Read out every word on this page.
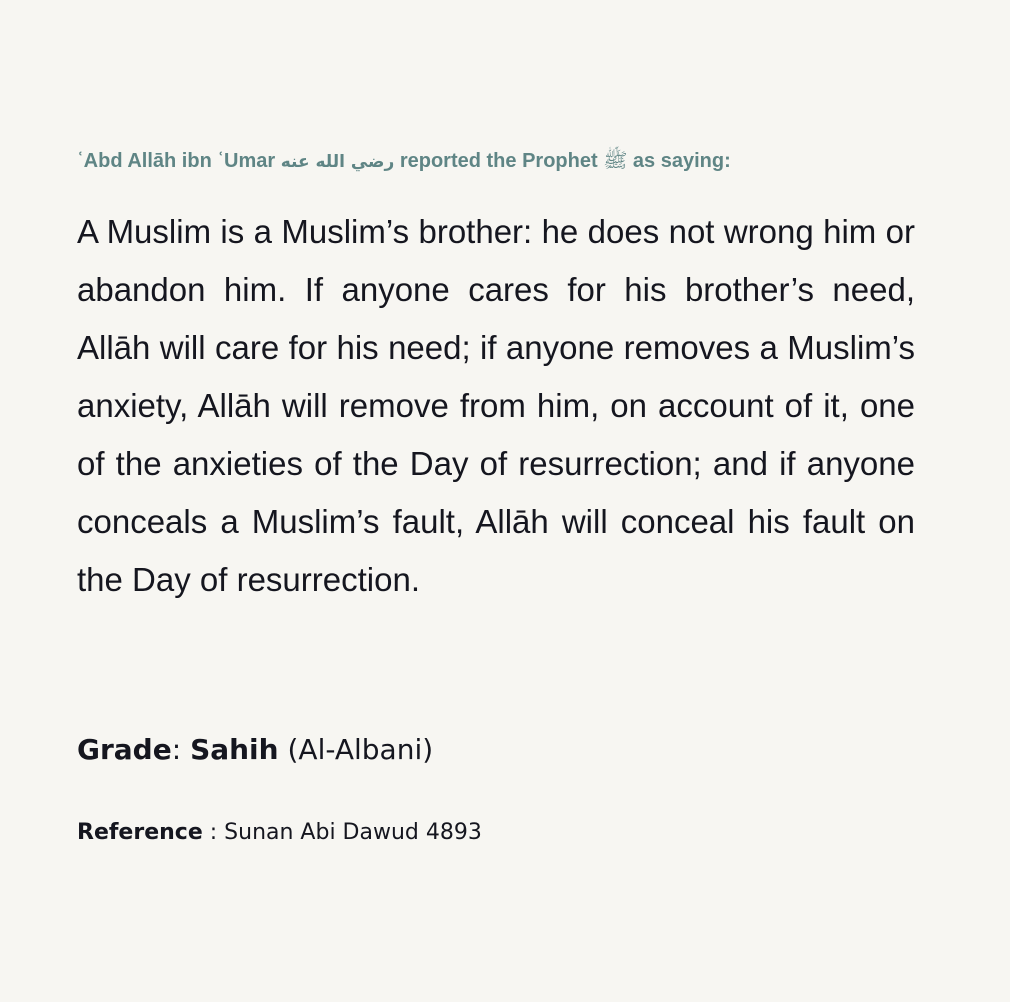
ʿAbd Allāh ibn ʿUmar رضي الله عنه reported the Prophet ﷺ as saying:

A Muslim is a Muslim’s brother: he does not wrong him or abandon him. If anyone cares for his brother’s need, Allāh will care for his need; if anyone removes a Muslim’s anxiety, Allāh will remove from him, on account of it, one of the anxieties of the Day of resurrection; and if anyone conceals a Muslim’s fault, Allāh will conceal his fault on the Day of resurrection.

Grade: Sahih (Al-Albani)
Reference : Sunan Abi Dawud 4893
